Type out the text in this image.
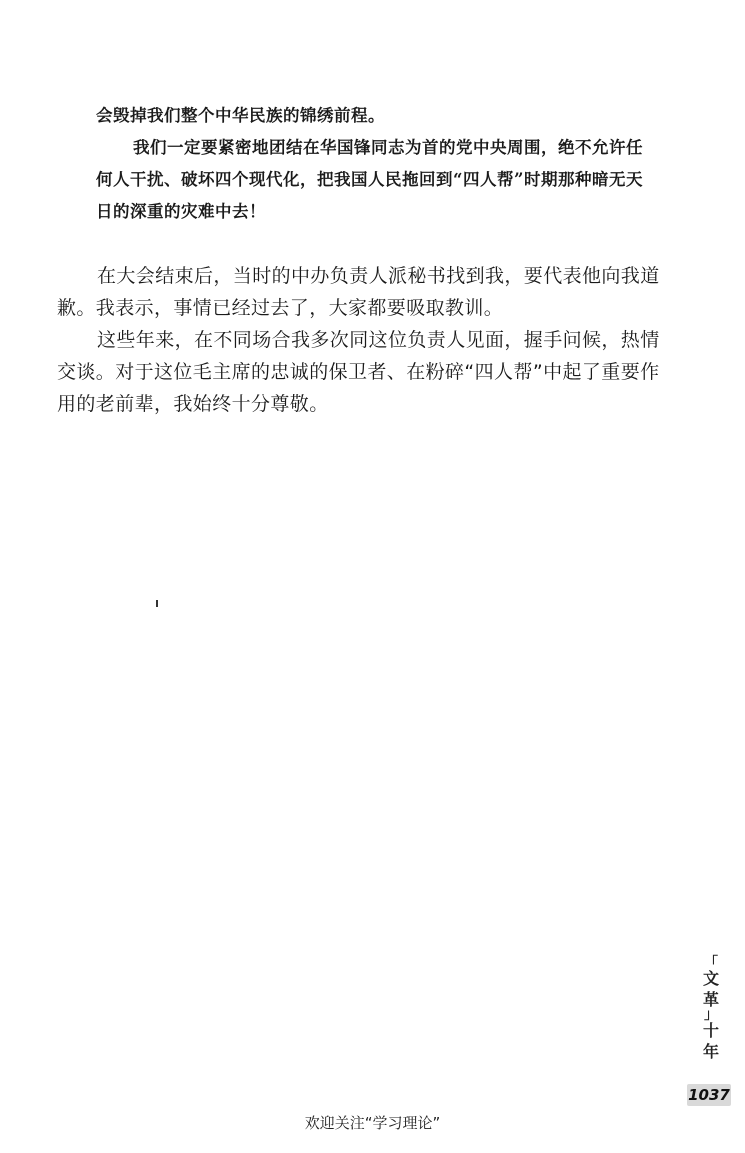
会毁掉我们整个中华民族的锦绣前程。

我们一定要紧密地团结在华国锋同志为首的党中央周围，绝不允许任何人干扰、破坏四个现代化，把我国人民拖回到“四人帮”时期那种暗无天日的深重的灾难中去！

在大会结束后，当时的中办负责人派秘书找到我，要代表他向我道歉。我表示，事情已经过去了，大家都要吸取教训。

这些年来，在不同场合我多次同这位负责人见面，握手问候，热情交谈。对于这位毛主席的忠诚的保卫者、在粉碎“四人帮”中起了重要作用的老前辈，我始终十分尊敬。

「
文
革
」
十
年
1037
欢迎关注“学习理论”
